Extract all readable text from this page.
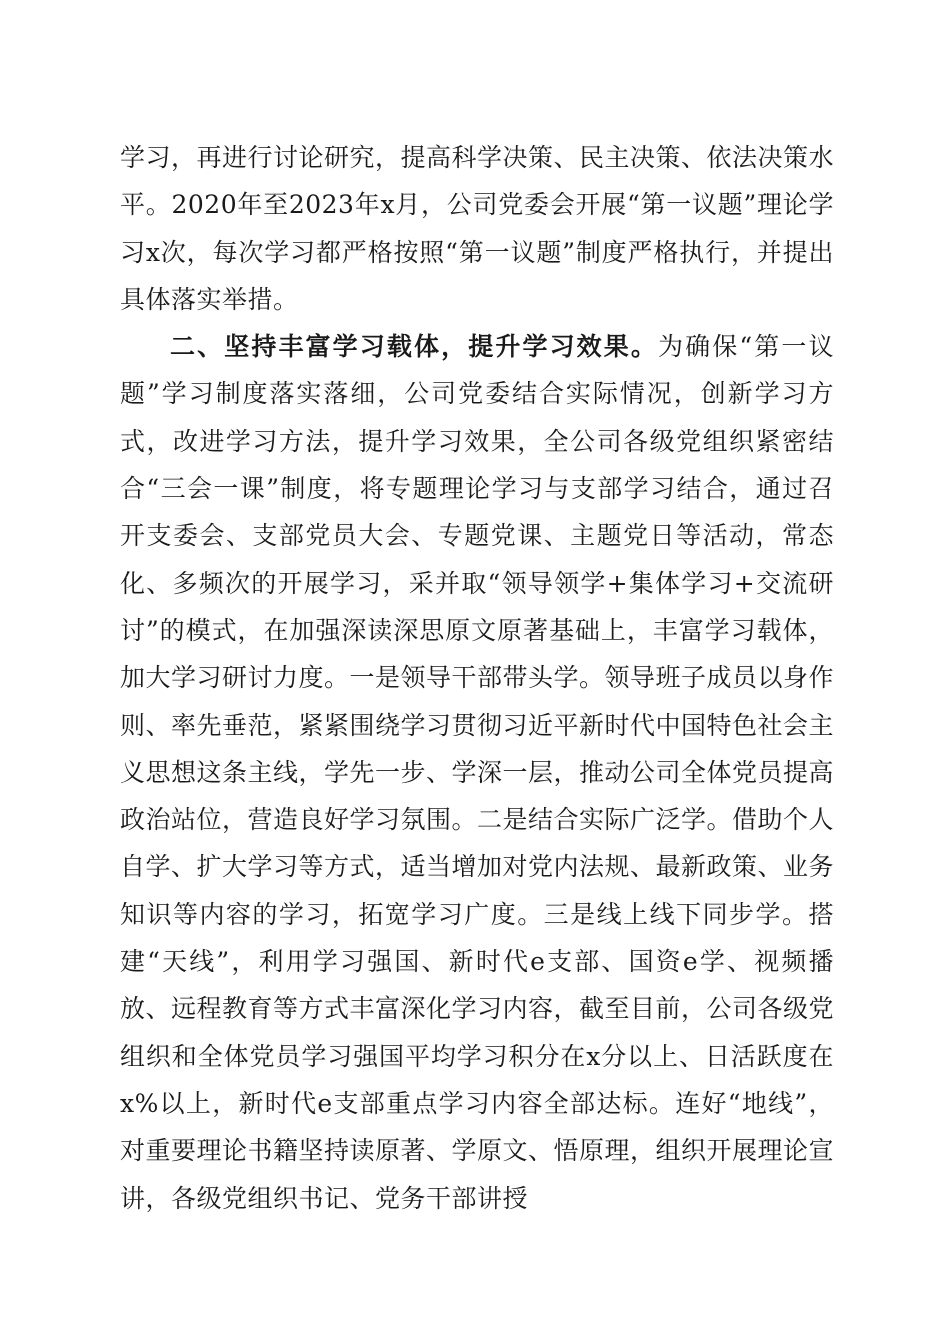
学习，再进行讨论研究，提高科学决策、民主决策、依法决策水平。2020年至2023年x月，公司党委会开展“第一议题”理论学习x次，每次学习都严格按照“第一议题”制度严格执行，并提出具体落实举措。

二、坚持丰富学习载体，提升学习效果。为确保“第一议题”学习制度落实落细，公司党委结合实际情况，创新学习方式，改进学习方法，提升学习效果，全公司各级党组织紧密结合“三会一课”制度，将专题理论学习与支部学习结合，通过召开支委会、支部党员大会、专题党课、主题党日等活动，常态化、多频次的开展学习，采并取“领导领学+集体学习+交流研讨”的模式，在加强深读深思原文原著基础上，丰富学习载体，加大学习研讨力度。一是领导干部带头学。领导班子成员以身作则、率先垂范，紧紧围绕学习贯彻习近平新时代中国特色社会主义思想这条主线，学先一步、学深一层，推动公司全体党员提高政治站位，营造良好学习氛围。二是结合实际广泛学。借助个人自学、扩大学习等方式，适当增加对党内法规、最新政策、业务知识等内容的学习，拓宽学习广度。三是线上线下同步学。搭建“天线”，利用学习强国、新时代e支部、国资e学、视频播放、远程教育等方式丰富深化学习内容，截至目前，公司各级党组织和全体党员学习强国平均学习积分在x分以上、日活跃度在x%以上，新时代e支部重点学习内容全部达标。连好“地线”，对重要理论书籍坚持读原著、学原文、悟原理，组织开展理论宣讲，各级党组织书记、党务干部讲授
